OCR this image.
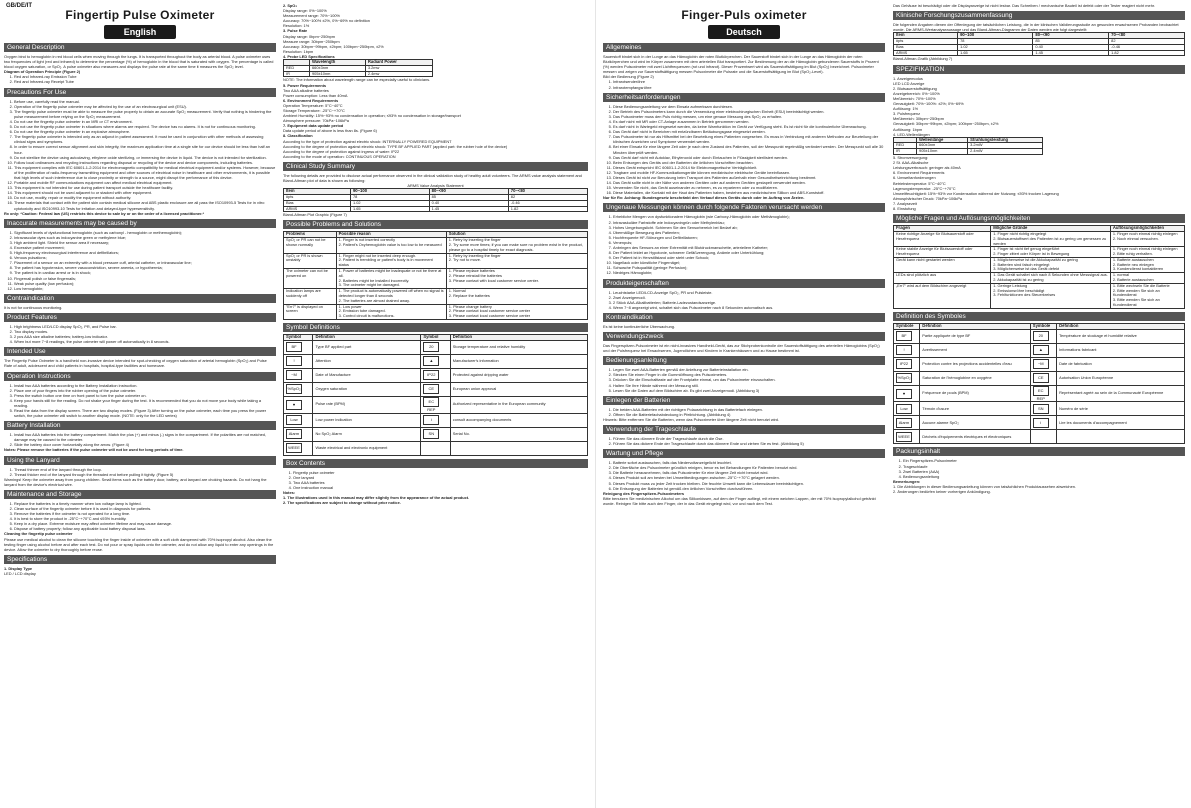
GB/DE/IT
Fingertip Pulse Oximeter
English
General Description

Oxygen bind to hemoglobin in red blood cells when moving through the lungs. It is transported throughout the body as arterial blood. A pulse oximeter uses two frequencies of light (red and infrared) to determine the percentage (%) of hemoglobin in the blood that is saturated with oxygen. The percentage is called blood oxygen saturation, or SpO₂. A pulse oximeter also measures and displays the pulse rate at the same time it measures the SpO₂ level.

Diagram of Operation Principle (Figure 2)

1. Red and Infrared-ray Emission Tube
2. Red and Infrared-ray Receipt Tube
Precautions For Use
1. Before use, carefully read the manual.
2. Operation of the fingertip pulse oximeter may be affected by the use of an electrosurgical unit (ESU).
3. The fingertip pulse oximeter must be able to measure the pulse properly to obtain an accurate SpO₂ measurement. Verify that nothing is hindering the pulse measurement before relying on the SpO₂ measurement.
4. Do not use the fingertip pulse oximeter in an MRI or CT environment.
5. Do not use the fingertip pulse oximeter in situations where alarms are required. The device has no alarms. It is not for continuous monitoring.
6. Do not use the fingertip pulse oximeter in an explosive atmosphere.
7. The fingertip pulse oximeter is intended only as an adjunct in patient assessment. It must be used in conjunction with other methods of assessing clinical signs and symptoms.
8. In order to ensure correct sensor alignment and skin integrity, the maximum application time at a single site for our device should be less than half an hour.
9. Do not sterilize the device using autoclaving, ethylene oxide sterilizing, or immersing the device in liquid. The device is not intended for sterilization.
10. Follow local ordinances and recycling instructions regarding disposal or recycling of the device and device components, including batteries.
11. This equipment complies with IEC 60601-1-2:2014 for electromagnetic compatibility for medical electrical equipment and/or systems. However, because of the proliferation of radio-frequency transmitting equipment and other sources of electrical noise in healthcare and other environments, it is possible that high levels of such interference due to close proximity or strength to a source, might disrupt the performance of this device.
12. Portable and mobile RF communications equipment can affect medical electrical equipment.
13. This equipment is not intended for use during patient transport outside the healthcare facility.
14. This equipment should not be used adjacent to or stacked with other equipment.
15. Do not use, modify, repair or modify the equipment without authority.
16. These materials that contact with the patient skin contain medical silicone and ABS plastic enclosure are all pass the ISO10993-5 Tests for in vitro cytotoxicity and ISO10993-10 Tests for irritation and delayed-type hypersensitivity.

Rx only: *Caution: Federal law (US) restricts this device to sale by or on the order of a licensed practitioner.*

Inaccurate measurements may be caused by
1. Significant levels of dysfunctional hemoglobin (such as carbonyl - hemoglobin or methemoglobin);
2. Intravascular dyes such as indocyanine green or methylene blue;
3. High ambient light. Shield the sensor area if necessary;
4. Excessive patient movement;
5. High-frequency electrosurgical interference and defibrillators;
6. Venous pulsations;
7. Placement of a sensor on an extremity with a blood pressure cuff, arterial catheter, or intravascular line;
8. The patient has hypotension, severe vasoconstriction, severe anemia, or hypothermia;
9. The patient is in cardiac arrest or is in shock;
10. Fingernail polish or false fingernails;
11. Weak pulse quality (low perfusion);
12. Low hemoglobin;
Contraindication

It is not for continuous monitoring.

Product Features
1. High brightness LED/LCD display SpO₂, PR, and Pulse bar.
2. Two display modes.
3. 2 pcs AAA size alkaline batteries; battery-low indicator.
4. When but more 7~8 readings, the pulse oximeter will power off automatically in 8 seconds.
Intended Use

The Fingertip Pulse Oximeter is a handheld non-invasive device intended for spot-checking of oxygen saturation of arterial hemoglobin (SpO₂) and Pulse Rate of adult, adolescent and child patients in hospitals, hospital-type facilities and homecare.

Operation Instructions
1. Install two AAA batteries according to the Battery Installation instruction.
2. Place one of your fingers into the rubber opening of the pulse oximeter.
3. Press the switch button one time on front panel to turn the pulse oximeter on.
4. Keep your hands still for the reading. Do not shake your finger during the test. It is recommended that you do not move your body while taking a reading.
5. Read the data from the display screen. There are two display modes. (Figure 3) After turning on the pulse oximeter, each time you press the power switch, the pulse oximeter will switch to another display mode. (NOTE: only for the LED series)
Battery Installation
1. Install two AAA batteries into the battery compartment. Match the plus (+) and minus (-) signs in the compartment. If the polarities are not matched, damage may be caused to the oximeter.
2. Slide the battery door cover horizontally along the arrow. (Figure 4)

Notes: Please remove the batteries if the pulse oximeter will not be used for long periods of time.

Using the Lanyard
1. Thread thinner end of the lanyard through the loop.
2. Thread thicker end of the lanyard through the threaded end before pulling it tightly. (Figure 5)

Warnings! Keep the oximeter away from young children. Small items such as the battery door, battery, and lanyard are choking hazards. Do not hang the lanyard from the device's electrical wire.

Maintenance and Storage
1. Replace the batteries in a timely manner when low voltage lamp is lighted.
2. Clean surface of the fingertip oximeter before it is used in diagnosis for patients.
3. Remove the batteries if the oximeter is not operated for a long time.
4. It is best to store the product in -25°C~+70°C and ≤93% humidity.
5. Keep in a dry place. Extreme moisture may affect oximeter lifetime and may cause damage.
6. Dispose of battery properly; follow any applicable local battery disposal laws.

Cleaning the fingertip pulse oximeter

Please use medical alcohol to clean the silicone touching the finger inside of oximeter with a soft cloth dampened with 70% isopropyl alcohol. Also clean the testing finger using alcohol before and after each test. Do not pour or spray liquids onto the oximeter, and do not allow any liquid to enter any openings in the device. Allow the oximeter to dry thoroughly before reuse.

Specifications

1. Display Type

LED / LCD display

2. SpO₂

Display range: 0%~100%

Measurement range: 70%~100%

Accuracy: 70%~100% ±2%, 0%~69% no definition

Resolution: 1%

3. Pulse Rate

Display range: 0bpm~250bpm

Measure range: 30bpm~250bpm

Accuracy: 30bpm~99bpm, ±2bpm; 100bpm~250bpm, ±2%

Resolution: 1bpm

4. Probe LED Specifications

	Wavelength	Radiant Power
RED	660±3nm	3.2mw
IR	905±10nm	2.4mw

NOTE: The information about wavelength range can be especially useful to clinicians.

5. Power Requirements

Two AAA alkaline batteries

Power consumption: Less than 40mA

6. Environment Requirements

Operation Temperature: 5°C~40°C

Storage Temperature: -25°C~+70°C

Ambient Humidity: 15%~93% no condensation in operation; ≤93% no condensation in storage/transport

Atmosphere pressure: 70kPa~106kPa

7. Equipment data update period

Data update period of above is less than 8s. (Figure 6)

8. Classification

According to the type of protection against electric shock: INTERNALLY POWERED EQUIPMENT

According to the degree of protection against electric shock: TYPE BF APPLIED PART (applied part: the rubber hole of the device)

According to the degree of protection against ingress of water: IP22

According to the mode of operation: CONTINUOUS OPERATION

Clinical Study Summary

The following details are provided to disclose actual performance observed in the clinical validation study of healthy adult volunteers. The ARMS value analysis statement and Bland-Altman plot of data is shown as following:

ARMS Value Analysis Statement

Item	90~100	80~<90	70~<80
#pts	78	85	82
Bias	1.02	0.40	-0.46
ARMS	1.65	1.45	1.82

Bland-Altman Plot Graphic (Figure 7)

Possible Problems and Solutions
Problems	Possible reason	Solution
SpO₂ or PR can not be shown normally	1. Finger is not inserted correctly
2. Patient's Oxyhemoglobin value is too low to be measured	1. Retry by inserting the finger
2. Try some more times; if you can make sure no problem exist in the product, please go to a hospital timely for exact diagnosis.
SpO₂ or PR is shown unstably	1. Finger might not be inserted deep enough.
2. Patient is trembling or patient's body is in movement status	1. Retry by inserting the finger
2. Try not to move.
The oximeter can not be powered on	1. Power of batteries might be inadequate or not be there at all.
2. Batteries might be installed incorrectly.
3. The oximeter might be damaged.	1. Please replace batteries
2. Please reinstall the batteries
3. Please contact with local customer service center.
Indication lamps are suddenly off	1. The product is automatically powered off when no signal is detected longer than 8 seconds
2. The batteries are almost drained away.	1. Normal
2. Replace the batteries
"Err7" is displayed on screen	1. Low power
2. Emission tube damaged.
3. Control circuit is malfunctions.	1. Please change battery
2. Please contact local customer service center
3. Please contact local customer service center
Symbol Definitions
Symbol	Definition	Symbol	Definition
BF	Type BF applied part	20	Storage temperature and relative humidity
!	Attention	▲	Manufacturer's information
~M	Date of Manufacture	IP22	Protected against dripping water
%SpO₂	Oxygen saturation	CE	European union approval
♥	Pulse rate (BPM)	EC REP	Authorized representative in the European community
Low	Low power indication	i	consult accompanying documents
Alarm	No SpO₂ Alarm	SN	Serial No.
WEEE	Waste electrical and electronic equipment		
Box Contents
1. Fingertip pulse oximeter
2. One lanyard
3. Two AAA batteries
4. One instruction manual

Notes:

1. The illustrations used in this manual may differ slightly from the appearance of the actual product.

2. The specifications are subject to change without prior notice.

Finger-Puls oximeter
Deutsch
Allgemeines

Sauerstoff bindet sich in der Lunge an das Hämoglobin der roten Blutkörperchen. Der Sauerstoff bindet sich in der Lunge an das Hämoglobin der roten Blutkörperchen und wird im Körper zusammen mit dem arteriellen Blut transportiert. Zur Bestimmung der an die Hämoglobin gebundenen Sauerstoffs in Prozent (%) werden Pulsoximeter mit zwei Lichtfrequenzen (rot und infrarot). Dieser Prozentwert wird als Sauerstoffsättigung im Blut (SpO₂) bezeichnet. Pulsoximeter messen und zeigen zur Sauerstoffsättigung messen Pulsoximeter die Pulsrate und die Sauerstoffsättigung im Blut (SpO₂-Level).

Bild der Bedienung (Figure 2)

1. Infrarotsenderöhre
2. Infrarotempfangsröhre
Sicherheitsanforderungen
1. Diese Bedienungsanleitung vor dem Einsatz aufmerksam durchlesen.
2. Der Betrieb des Pulsoximeters kann durch die Verwendung einer elektrochirurgischen Einheit (ESU) beeinträchtigt werden.
3. Das Pulsoximeter muss den Puls richtig messen, um eine genaue Messung des SpO₂ zu erhalten.
4. Es darf nicht mit MR oder CT-Anlage zusammen in Betrieb genommen werden.
5. Es darf nicht in Wartegeld eingesetzt werden, da keine Warnfunktion im Gerät zur Verfügung steht. Es ist nicht für die kontinuierliche Überwachung.
6. Das Gerät darf nicht in Bereichen mit entzündbaren Betäubungsgase eingesetzt werden.
7. Das Pulsoximeter ist nur als Hilfsmittel bei der Beurteilung eines Patienten vorgesehen. Es muss in Verbindung mit anderen Methoden zur Beurteilung der klinischen Anzeichen und Symptome verwendet werden.
8. Bei einer Einsatz für eine längere Zeit oder je nach dem Zustand des Patienten, soll der Messpunkt regelmäßig verändert werden. Der Messpunkt soll alle 30 Minuten überprüft werden.
9. Das Gerät darf nicht mit Autoklav, Ethylenoxid oder durch Eintauchen in Flüssigkeit sterilisiert werden.
10. Beim Entsorgen des Geräts und der Batterien die örtlichen Vorschriften beachten.
11. Dieses Gerät entspricht IEC 60601-1-2:2014 für Elektromagnetische Verträglichkeit.
12. Tragbare und mobile HF-Kommunikationsgeräte können medizinische elektrische Geräte beeinflussen.
13. Dieses Gerät ist nicht zur Benutzung beim Transport des Patienten außerhalb einer Gesundheitseinrichtung bestimmt.
14. Das Gerät sollte nicht in der Nähe von anderen Geräten oder auf anderen Geräten gestapelt verwendet werden.
15. Verwenden Sie nicht, das Gerät auseinander zu nehmen, es zu reparieren oder zu modifizieren.
16. Diese Materialien, die Kontakt mit der Haut des Patienten haben, bestehen aus medizinischem Silikon und ABS-Kunststoff.

Nur für Rx: Achtung: Bundesgesetz beschränkt den Verkauf dieses Geräts durch oder im Auftrag von Ärzten.

Ungenaue Messungen können durch folgende Faktoren verursacht werden
1. Erhebliche Mengen von dysfunktionalem Hämoglobin (wie Carboxy-Hämoglobin oder Methämoglobin);
2. Intravaskuläre Farbstoffe wie Indocyaningrün oder Methylenblau;
3. Hohes Umgebungslicht. Schirmen Sie den Sensorbereich bei Bedarf ab;
4. Übermäßige Bewegung des Patienten;
5. Hochfrequente HF-Störungen und Defibrillatoren;
6. Venenpuls;
7. Anbringen des Sensors an einer Extremität mit Blutdruckmanschette, arteriellem Katheter;
8. Der Patient leidet an Hypotonie, schwerer Gefäßverengung, Anämie oder Unterkühlung;
9. Der Patient ist in Herzstillstand oder steht unter Schock;
10. Nagellack oder künstliche Fingernägel;
11. Schwache Pulsqualität (geringe Perfusion);
12. Niedriges Hämoglobin;
Produkteigenschaften
1. Leuchtstarke LED/LCD-Anzeige SpO₂, PR und Pulsleiste.
2. Zwei Anzeigemodi.
3. 2 Stück AAA-Alkalibatterien; Batterie-Ladezustandsanzeige.
4. Wenn 7~8 angezeigt wird, schaltet sich das Pulsoximeter nach 8 Sekunden automatisch aus.
Kontraindikation

Es ist keine kontinuierliche Überwachung.

Verwendungszweck

Das Fingerspitzen-Pulsoximeter ist ein nicht-invasives Handheld-Gerät, das zur Stichprobenkontrolle der Sauerstoffsättigung des arteriellen Hämoglobins (SpO₂) und der Pulsfrequenz bei Erwachsenen, Jugendlichen und Kindern in Krankenhäusern und zu Hause bestimmt ist.

Bedienungsanleitung
1. Legen Sie zwei AAA-Batterien gemäß der Anleitung zur Batterieinstallation ein.
2. Stecken Sie einen Finger in die Gummiöffnung des Pulsoximeters.
3. Drücken Sie die Einschalttaste auf der Frontplatte einmal, um das Pulsoximeter einzuschalten.
4. Halten Sie Ihre Hände während der Messung still.
5. Lesen Sie die Daten auf dem Bildschirm ab. Es gibt zwei Anzeigemodi. (Abbildung 3)
Einlegen der Batterien
1. Die beiden AAA-Batterien mit der richtigen Polausrichtung in das Batteriefach einlegen.
2. Öffnen Sie die Batteriefachabdeckung in Pfeilrichtung. (Abbildung 4)

Hinweis: Bitte entfernen Sie die Batterien, wenn das Pulsoximeter über längere Zeit nicht benutzt wird.

Verwendung der Trageschlaufe
1. Führen Sie das dünnere Ende der Trageschlaufe durch die Öse.
2. Führen Sie das dickere Ende der Trageschlaufe durch das dünnere Ende und ziehen Sie es fest. (Abbildung 5)
Wartung und Pflege
1. Batterie sofort austauschen, falls das Niedervoltanzeigelicht leuchtet.
2. Die Oberfläche des Pulsoximeter gründlich reinigen, bevor es bei Behandlungen für Patienten benutzt wird.
3. Die Batterie herausnehmen, falls das Pulsoximeter für eine längere Zeit nicht benutzt wird.
4. Dieses Produkt soll am besten bei Umweltbedingungen zwischen -25°C~+70°C gelagert werden.
5. Dieses Produkt muss zu jeder Zeit trocken bleiben. Die feuchte Umwelt kann die Lebensdauer beeinträchtigen.
6. Die Entsorgung der Batterien ist gemäß den örtlichen Vorschriften durchzuführen.

Reinigung des Fingerspitzen-Pulsoximeters

Bitte benutzen Sie medizinischen Alkohol um das Silikonkissen, auf dem der Finger aufliegt, mit einem weichen Lappen, der mit 70% Isopropylalkohol getränkt wurde. Reinigen Sie bitte auch den Finger, der in das Gerät eingelegt wird, vor und nach dem Test.

Das Gehäuse ist beschädigt oder die Displayanzeige ist nicht lesbar. Das Schreiben / mechanische Bauteil ist defekt oder der Tester reagiert nicht mehr.

Klinische Forschungszusammenfassung

Die folgenden Angaben dienen der Offenlegung der tatsächlichen Leistung, die in der klinischen Validierungsstudie an gesunden erwachsenen Probanden beobachtet wurde. Die ARMS-Wertanalyseaussage und das Bland-Altman-Diagramm der Daten werden wie folgt dargestellt:

Item	90~100	80~<90	70~<80
#pts	78	85	82
Bias	1.02	0.40	-0.46
ARMS	1.65	1.45	1.82

Bland-Altman-Grafik (Abbildung 7)

SPEZIFIKATION

1. Anzeigemodus

LED LCD Anzeige

2. Blutsauerstoffsättigung

Anzeigebereich: 0%~100%

Meßbereich: 70%~100%

Genauigkeit: 70%~100%: ±2%; 0%~69%

Auflösung: 1%

3. Pulsfrequenz

Meßbereich: 30bpm~250bpm

Genauigkeit: 30bpm~99bpm, ±2bpm; 100bpm~250bpm, ±2%

Auflösung: 1bpm

4. LED-Wellenlängen

	Wellenlänge	Strahlungsleistung
RED	660±3nm	3.2mW
IR	905±10nm	2.4mW

5. Stromversorgung:

2 St. AAA-Alkalische

Leistungsverbrauch: geringer als 40mA

6. Environment Requirements

6. Umweltanforderungen

Betriebstemperatur: 5°C~40°C

Lagerungstemperatur: -25°C~+70°C

Umweltfeuchtigkeit: 15%~93% vor Kondensation während der Nutzung; ≤93% trocken Lagerung

Atmosphärischer Druck: 70kPa~106kPa

7. Analysezeit

8. Einstufung

Mögliche Fragen und Auflösungsmöglichkeiten
Fragen	Mögliche Gründe	Auflösungsmöglichkeiten
Keine richtige Anzeige für Blutsauerstoff oder Herzfrequenz	1. Finger nicht richtig eingelegt
2. Blutsauerstoffwert des Patienten ist zu gering um gemessen zu werden	1. Finger noch einmal richtig einlegen
2. Noch einmal versuchen.
Keine stabile Anzeige für Blutsauerstoff oder Herzfrequenz	1. Finger ist nicht tief genug eingeführt
2. Finger zittert oder Körper ist in Bewegung	1. Finger noch einmal richtig einlegen
2. Bitte ruhig verhalten.
Gerät kann nicht gestartet werden	1. Möglicherweise ist die Akkukapazität zu gering
2. Batterien sind falsch eingelegt
3. Möglicherweise ist das Gerät defekt	1. Batterie austauschen
2. Batterie neu einlegen
3. Kundendienst kontaktieren
LEDs sind plötzlich aus	1. Das Gerät schaltet sich nach 8 Sekunden ohne Messsignal aus.
2. Akkukapazität ist zu gering	1. normal
2. Batterie austauschen
„Err7“ wird auf dem Bildschirm angezeigt	1. Geringe Leistung
2. Emissionsröhre beschädigt
3. Fehlfunktionen des Steuerkreises	1. Bitte wechseln Sie die Batterie
2. Bitte wenden Sie sich an Kundendienst
3. Bitte wenden Sie sich an Kundendienst
Definition des Symboles
Symbole	Définition	Symbole	Définition
BF	Partie appliquée de type BF	20	Température de stockage et humidité relative
!	Avertissement	▲	Informations fabricant
IP22	Protection contre les projections accidentelles d'eau	~M	Date de fabrication
%SpO₂	Saturation de l'hémoglobine en oxygène	CE	Autorisation Union Européenne
♥	Fréquence de pouls (BPM)	EC REP	Représentant agréé au sein de la Communauté Européenne
Low	Témoin d'usure	SN	Numéro de série
Alarm	Aucune alarme SpO₂	i	Lire les documents d'accompagnement
WEEE	Déchets d'équipements électriques et électroniques		
Packungsinhalt
1. Ein Fingerspitzen-Pulsoximeter
2. Trageschlaufe
3. Zwei Batterien (AAA)
4. Bedienungsanleitung

Bemerkungen:

1. Die Abbildungen in dieser Bedienungsanleitung können von tatsächlichen Produktaussehen abweichen.

2. Änderungen bedürfen keiner vorherigen Ankündigung.
